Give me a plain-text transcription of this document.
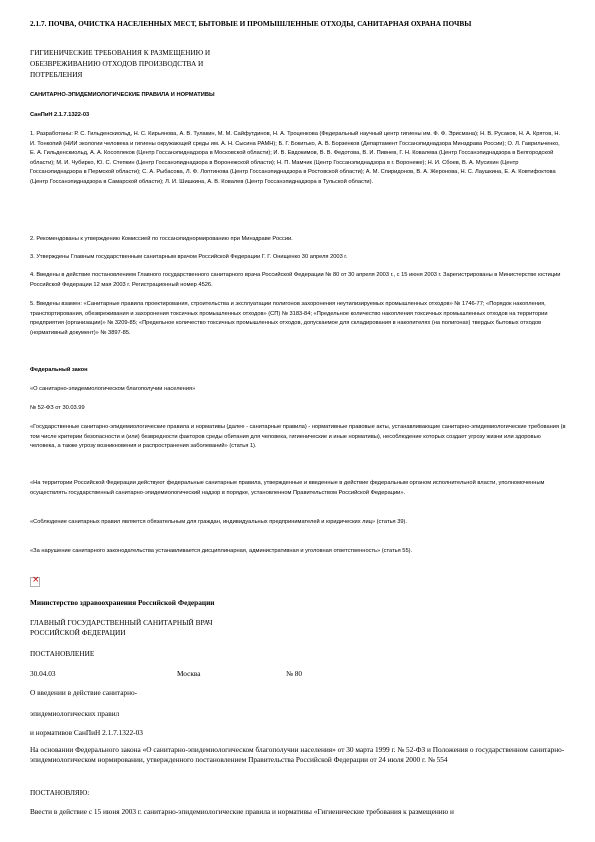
2.1.7. ПОЧВА, ОЧИСТКА НАСЕЛЕННЫХ МЕСТ, БЫТОВЫЕ И ПРОМЫШЛЕННЫЕ ОТХОДЫ, САНИТАРНАЯ ОХРАНА ПОЧВЫ

ГИГИЕНИЧЕСКИЕ ТРЕБОВАНИЯ К РАЗМЕЩЕНИЮ И ОБЕЗВРЕЖИВАНИЮ ОТХОДОВ ПРОИЗВОДСТВА И ПОТРЕБЛЕНИЯ

САНИТАРНО-ЭПИДЕМИОЛОГИЧЕСКИЕ ПРАВИЛА И НОРМАТИВЫ

СанПиН 2.1.7.1322-03

1. Разработаны: Р. С. Гильденскиольд, Н. С. Кирьянова, А. В. Тулакин, М. М. Сайфутдинов, Н. А. Троценкова (Федеральный научный центр гигиены им. Ф. Ф. Эрисмана); Н. В. Русаков, Н. А. Крятов, Н. И. Тонкопий (НИИ экологии человека и гигиены окружающей среды им. А. Н. Сысина РАМН); Б. Г. Бокитько, А. В. Борзенков (Департамент Госсанэпиднадзора Минздрава России); О. Л. Гаврильченко, Е. А. Гильденскиольд, А. А. Косоплеков (Центр Госсанэпиднадзора в Московской области); И. В. Евдокимов, В. В. Федотова, В. И. Пивнев, Г. Н. Ковалева (Центр Госсанэпиднадзора в Белгородской области); М. И. Чубирко, Ю. С. Степкин (Центр Госсанэпиднадзора в Воронежской области); Н. П. Мамчик (Центр Госсанэпиднадзора в г. Воронеже); Н. И. Сбоев, В. А. Мусихин (Центр Госсанэпиднадзора в Пермской области); С. А. Рыбасова, Л. Ф. Лоптинова (Центр Госсанэпиднадзора в Ростовской области); А. М. Спиридонов, В. А. Жеронова, Н. С. Лаушкина, Е. А. Ковтифоктова (Центр Госсанэпиднадзора в Самарской области); Л. И. Шишкина, А. В. Ковалев (Центр Госсанэпиднадзора в Тульской области).

2. Рекомендованы к утверждению Комиссией по госсанэпиднормированию при Минздраве России.

3. Утверждены Главным государственным санитарным врачом Российской Федерации Г. Г. Онищенко 30 апреля 2003 г.

4. Введены в действие постановлением Главного государственного санитарного врача Российской Федерации № 80 от 30 апреля 2003 г., с 15 июня 2003 г. Зарегистрированы в Министерстве юстиции Российской Федерации 12 мая 2003 г. Регистрационный номер 4526.

5. Введены взамен: «Санитарные правила проектирования, строительства и эксплуатации полигонов захоронения неутилизируемых промышленных отходов» № 1746-77; «Порядок накопления, транспортирования, обезвреживания и захоронения токсичных промышленных отходов» (СП) № 3183-84; «Предельное количество накопления токсичных промышленных отходов на территории предприятия (организации)» № 3209-85; «Предельное количество токсичных промышленных отходов, допускаемое для складирования в накопителях (на полигонах) твердых бытовых отходов (нормативный документ)» № 3897-85.

Федеральный закон

«О санитарно-эпидемиологическом благополучии населения»

№ 52-ФЗ от 30.03.99

«Государственные санитарно-эпидемиологические правила и нормативы (далее - санитарные правила) - нормативные правовые акты, устанавливающие санитарно-эпидемиологические требования (в том числе критерии безопасности и (или) безвредности факторов среды обитания для человека, гигиенические и иные нормативы), несоблюдение которых создает угрозу жизни или здоровью человека, а также угрозу возникновения и распространения заболеваний» (статья 1).

«На территории Российской Федерации действуют федеральные санитарные правила, утвержденные и введенные в действие федеральным органом исполнительной власти, уполномоченным осуществлять государственный санитарно-эпидемиологический надзор в порядке, установленном Правительством Российской Федерации».

«Соблюдение санитарных правил является обязательным для граждан, индивидуальных предпринимателей и юридических лиц» (статья 39).

«За нарушение санитарного законодательства устанавливается дисциплинарная, административная и уголовная ответственность» (статья 55).

×

Министерство здравоохранения Российской Федерации

ГЛАВНЫЙ ГОСУДАРСТВЕННЫЙ САНИТАРНЫЙ ВРАЧ

РОССИЙСКОЙ ФЕДЕРАЦИИ

ПОСТАНОВЛЕНИЕ

30.04.03	Москва	№ 80

О введении в действие санитарно-

эпидемиологических правил

и нормативов СанПиН 2.1.7.1322-03

На основании Федерального закона «О санитарно-эпидемиологическом благополучии населения» от 30 марта 1999 г. № 52-ФЗ и Положения о государственном санитарно-эпидемиологическом нормировании, утвержденного постановлением Правительства Российской Федерации от 24 июля 2000 г. № 554

ПОСТАНОВЛЯЮ:

Ввести в действие с 15 июня 2003 г. санитарно-эпидемиологические правила и нормативы «Гигиенические требования к размещению и
